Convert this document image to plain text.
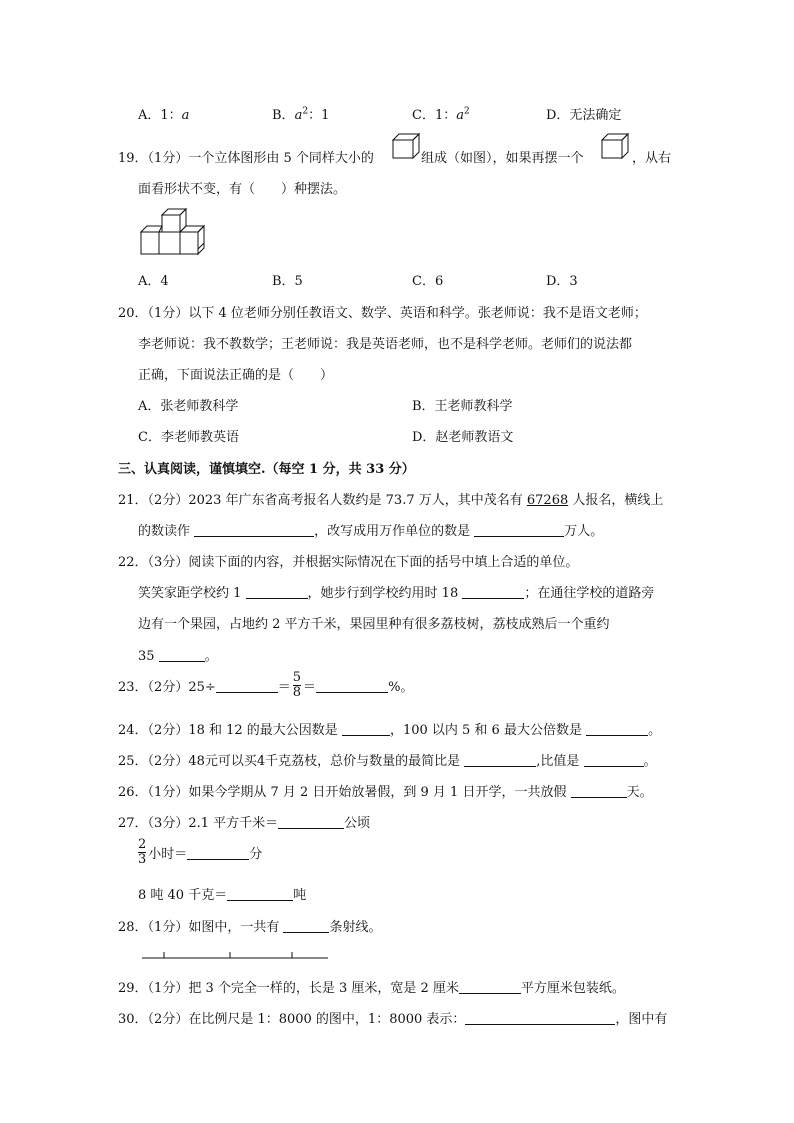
A．1：a	B．$a^2$：1	C．1：$a^2$	D．无法确定
19．（1分）一个立体图形由 5 个同样大小的	组成（如图），如果再摆一个	，从右
面看形状不变，有（　　）种摆法。
A．4	B．5	C．6	D．3
20．（1分）以下 4 位老师分别任教语文、数学、英语和科学。张老师说：我不是语文老师；
李老师说：我不教数学；王老师说：我是英语老师，也不是科学老师。老师们的说法都
正确，下面说法正确的是（　　）
A．张老师教科学	B．王老师教科学
C．李老师教英语	D．赵老师教语文
三、认真阅读，谨慎填空.（每空 1 分，共 33 分）
21．（2分）2023 年广东省高考报名人数约是 73.7 万人，其中茂名有 67268 人报名，横线上
的数读作	，改写成用万作单位的数是	万人。
22．（3分）阅读下面的内容，并根据实际情况在下面的括号中填上合适的单位。
笑笑家距学校约 1	，她步行到学校约用时 18	；在通往学校的道路旁
边有一个果园，占地约 2 平方千米，果园里种有很多荔枝树，荔枝成熟后一个重约
35	。
23．（2分）25÷	＝ $\frac{5}{8}$ ＝	%。
24．（2分）18 和 12 的最大公因数是	，100 以内 5 和 6 最大公倍数是	。
25．（2分）48元可以买4千克荔枝，总价与数量的最简比是	,比值是	。
26．（1分）如果今学期从 7 月 2 日开始放暑假，到 9 月 1 日开学，一共放假	天。
27．（3分）2.1 平方千米＝	公顷
$\frac{2}{3}$ 小时＝	分
8 吨 40 千克＝	吨
28．（1分）如图中，一共有	条射线。
29．（1分）把 3 个完全一样的，长是 3 厘米，宽是 2 厘米	平方厘米包装纸。
30．（2分）在比例尺是 1：8000 的图中，1：8000 表示：	，图中有
